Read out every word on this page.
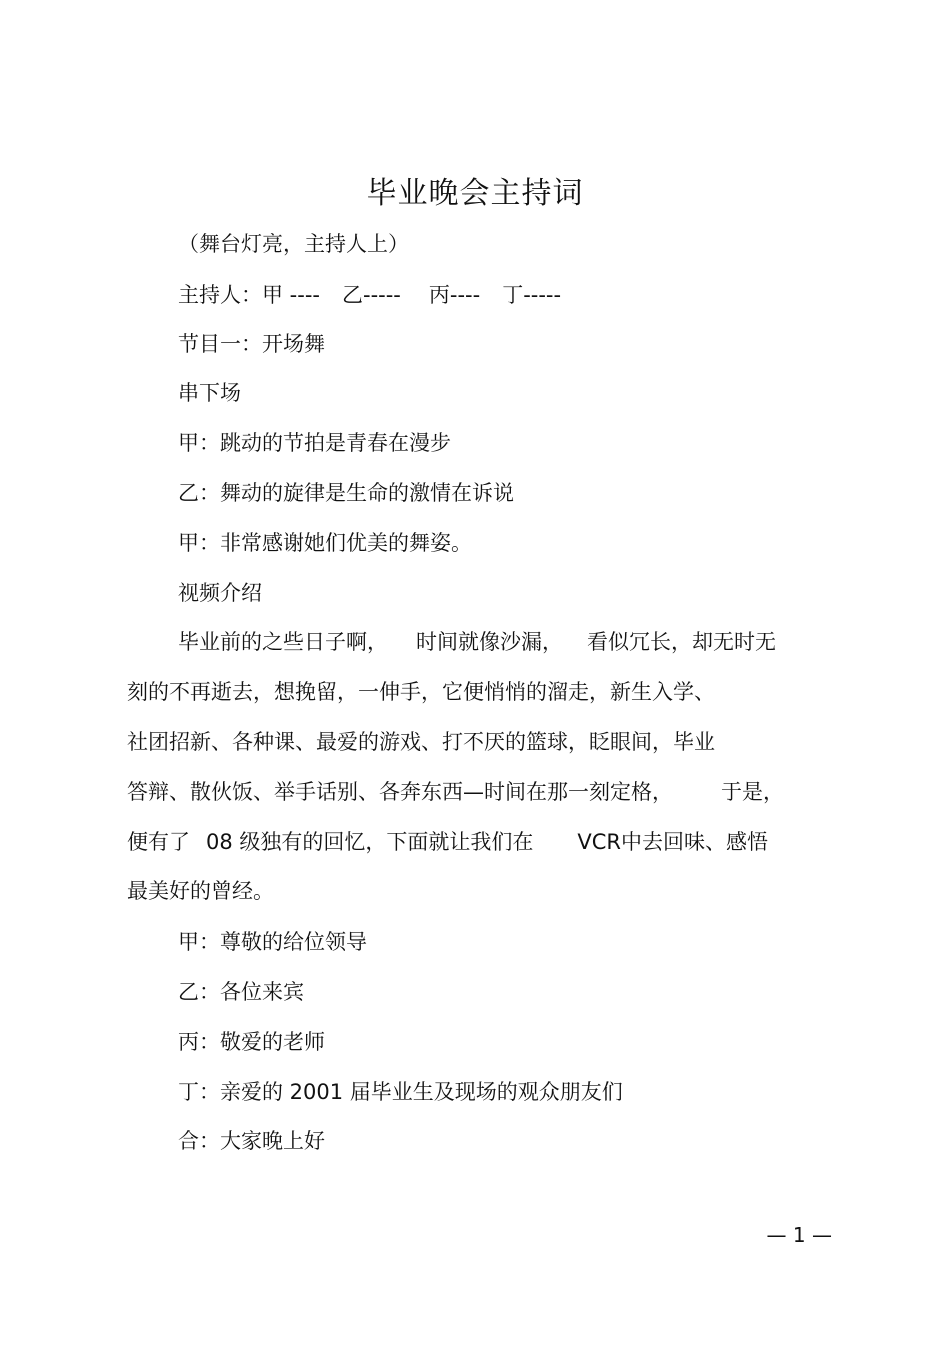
毕业晚会主持词

（舞台灯亮，主持人上）

主持人：甲 ---- 乙----- 丙---- 丁-----

节目一：开场舞

串下场

甲：跳动的节拍是青春在漫步

乙：舞动的旋律是生命的激情在诉说

甲：非常感谢她们优美的舞姿。

视频介绍

毕业前的之些日子啊， 时间就像沙漏， 看似冗长，却无时无

刻的不再逝去，想挽留，一伸手，它便悄悄的溜走，新生入学、

社团招新、各种课、最爱的游戏、打不厌的篮球，眨眼间，毕业

答辩、散伙饭、举手话别、各奔东西—时间在那一刻定格， 于是，

便有了 08 级独有的回忆，下面就让我们在 VCR中去回味、感悟

最美好的曾经。

甲：尊敬的给位领导

乙：各位来宾

丙：敬爱的老师

丁：亲爱的 2001 届毕业生及现场的观众朋友们

合：大家晚上好

— 1 —
